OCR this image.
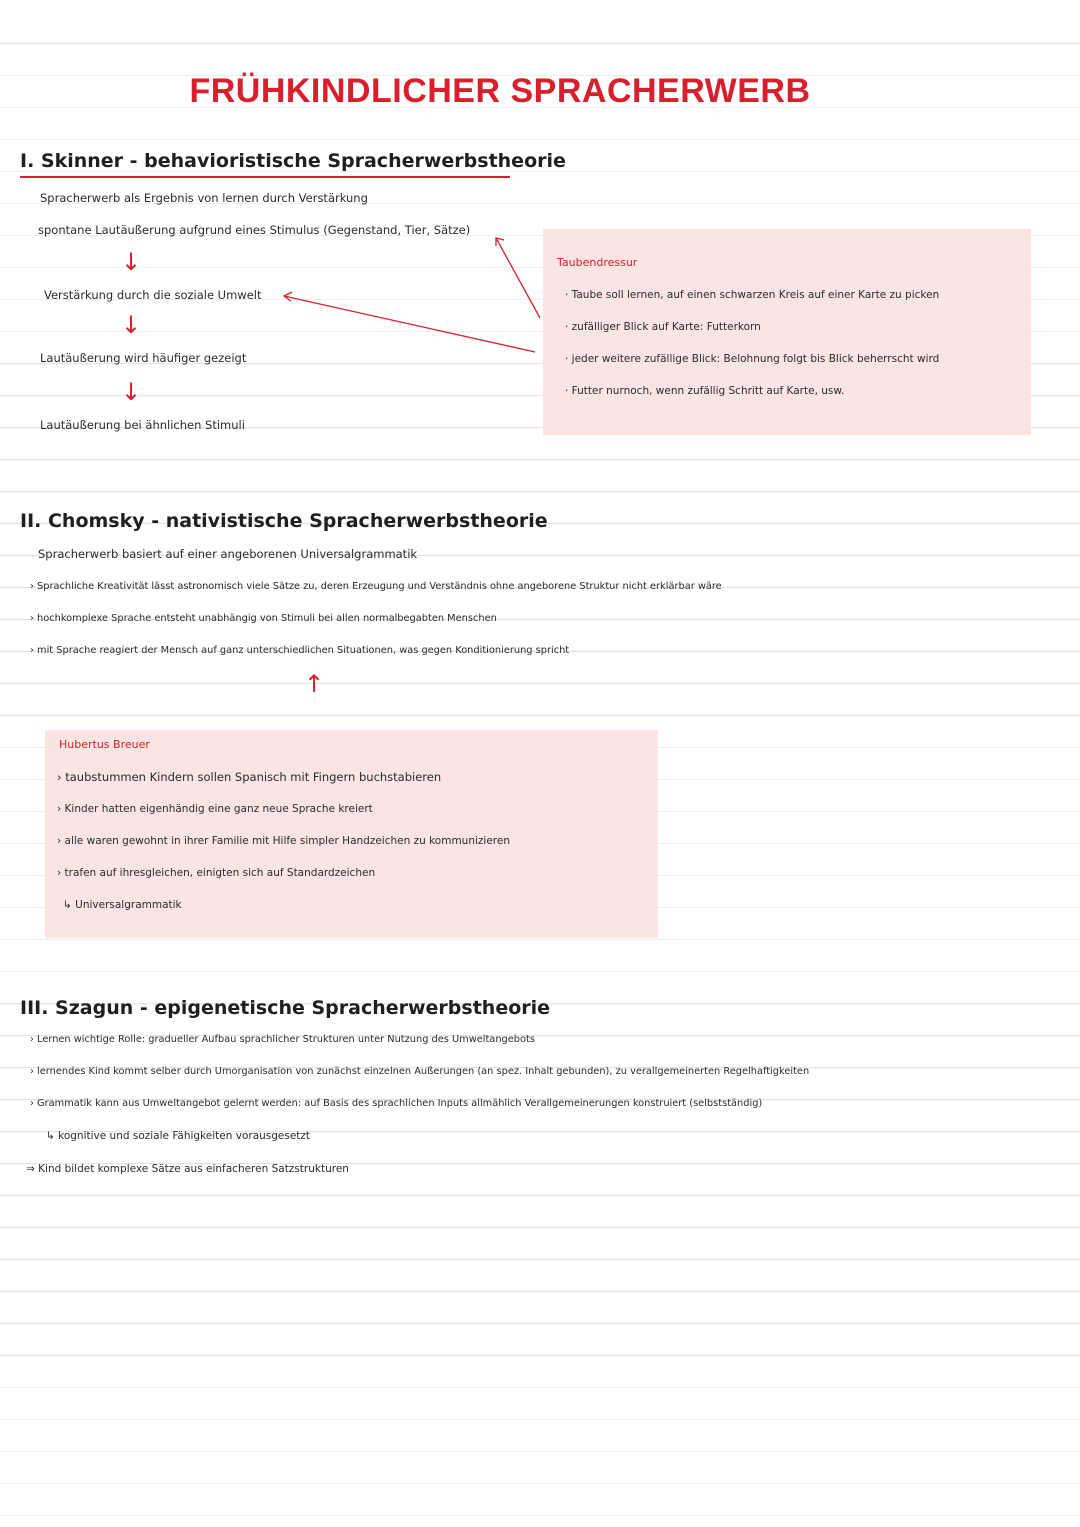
FRÜHKINDLICHER SPRACHERWERB
I. Skinner - behavioristische Spracherwerbstheorie
Spracherwerb als Ergebnis von lernen durch Verstärkung
spontane Lautäußerung aufgrund eines Stimulus (Gegenstand, Tier, Sätze)
↓
Verstärkung durch die soziale Umwelt
↓
Lautäußerung wird häufiger gezeigt
↓
Lautäußerung bei ähnlichen Stimuli
Taubendressur
· Taube soll lernen, auf einen schwarzen Kreis auf einer Karte zu picken
· zufälliger Blick auf Karte: Futterkorn
· jeder weitere zufällige Blick: Belohnung folgt bis Blick beherrscht wird
· Futter nurnoch, wenn zufällig Schritt auf Karte, usw.
II. Chomsky - nativistische Spracherwerbstheorie
Spracherwerb basiert auf einer angeborenen Universalgrammatik
› Sprachliche Kreativität lässt astronomisch viele Sätze zu, deren Erzeugung und Verständnis ohne angeborene Struktur nicht erklärbar wäre
› hochkomplexe Sprache entsteht unabhängig von Stimuli bei allen normalbegabten Menschen
› mit Sprache reagiert der Mensch auf ganz unterschiedlichen Situationen, was gegen Konditionierung spricht
↑
Hubertus Breuer
› taubstummen Kindern sollen Spanisch mit Fingern buchstabieren
› Kinder hatten eigenhändig eine ganz neue Sprache kreiert
› alle waren gewohnt in ihrer Familie mit Hilfe simpler Handzeichen zu kommunizieren
› trafen auf ihresgleichen, einigten sich auf Standardzeichen
↳ Universalgrammatik
III. Szagun - epigenetische Spracherwerbstheorie
› Lernen wichtige Rolle: gradueller Aufbau sprachlicher Strukturen unter Nutzung des Umweltangebots
› lernendes Kind kommt selber durch Umorganisation von zunächst einzelnen Äußerungen (an spez. Inhalt gebunden), zu verallgemeinerten Regelhaftigkeiten
› Grammatik kann aus Umweltangebot gelernt werden: auf Basis des sprachlichen Inputs allmählich Verallgemeinerungen konstruiert (selbstständig)
↳ kognitive und soziale Fähigkeiten vorausgesetzt
⇒ Kind bildet komplexe Sätze aus einfacheren Satzstrukturen
